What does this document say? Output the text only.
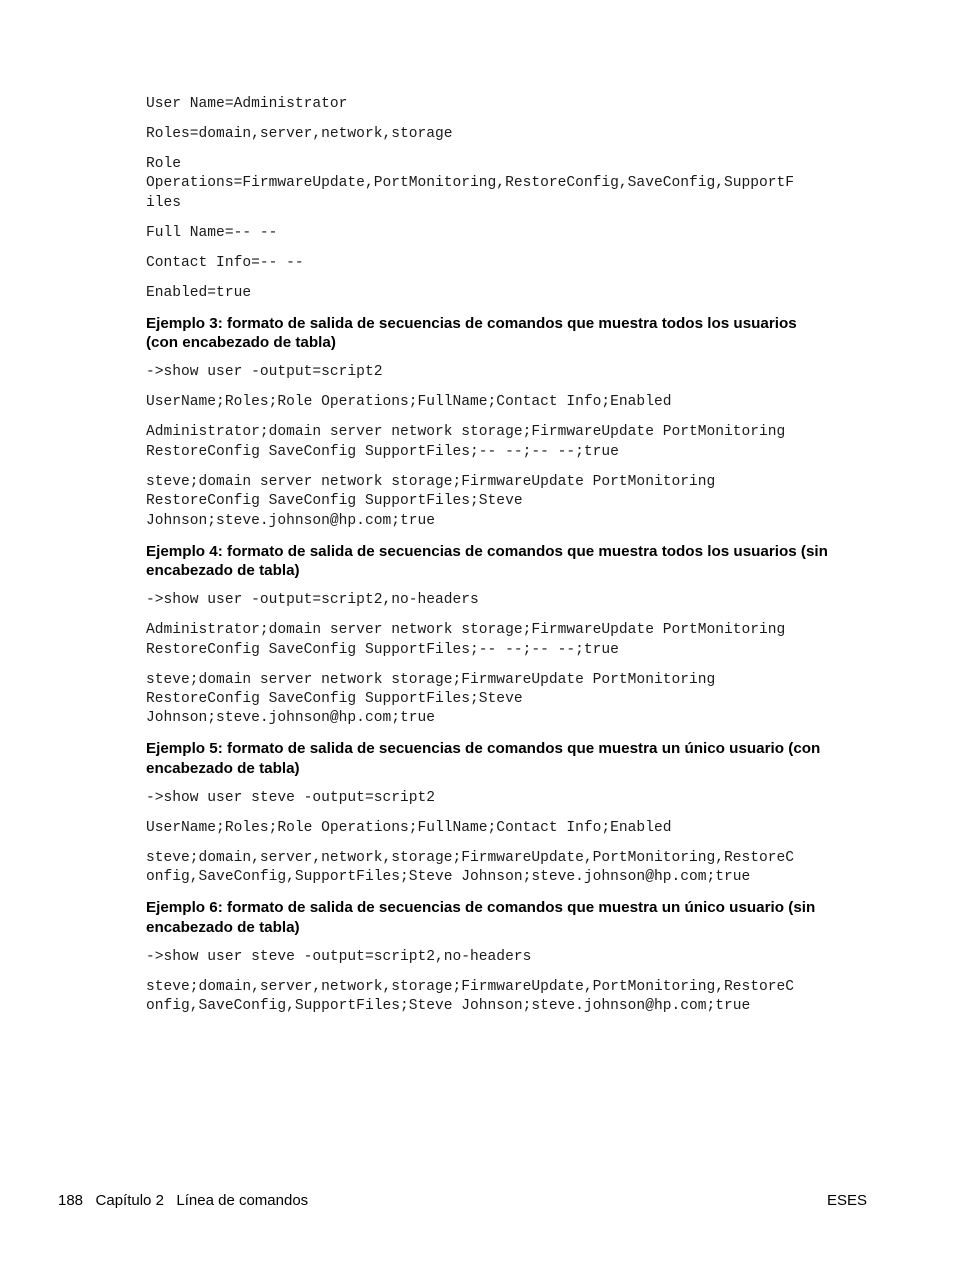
User Name=Administrator
Roles=domain,server,network,storage
Role
Operations=FirmwareUpdate,PortMonitoring,RestoreConfig,SaveConfig,SupportF
iles
Full Name=-- --
Contact Info=-- --
Enabled=true
Ejemplo 3: formato de salida de secuencias de comandos que muestra todos los usuarios
(con encabezado de tabla)
->show user -output=script2
UserName;Roles;Role Operations;FullName;Contact Info;Enabled
Administrator;domain server network storage;FirmwareUpdate PortMonitoring
RestoreConfig SaveConfig SupportFiles;-- --;-- --;true
steve;domain server network storage;FirmwareUpdate PortMonitoring
RestoreConfig SaveConfig SupportFiles;Steve
Johnson;steve.johnson@hp.com;true
Ejemplo 4: formato de salida de secuencias de comandos que muestra todos los usuarios (sin
encabezado de tabla)
->show user -output=script2,no-headers
Administrator;domain server network storage;FirmwareUpdate PortMonitoring
RestoreConfig SaveConfig SupportFiles;-- --;-- --;true
steve;domain server network storage;FirmwareUpdate PortMonitoring
RestoreConfig SaveConfig SupportFiles;Steve
Johnson;steve.johnson@hp.com;true
Ejemplo 5: formato de salida de secuencias de comandos que muestra un único usuario (con
encabezado de tabla)
->show user steve -output=script2
UserName;Roles;Role Operations;FullName;Contact Info;Enabled
steve;domain,server,network,storage;FirmwareUpdate,PortMonitoring,RestoreC
onfig,SaveConfig,SupportFiles;Steve Johnson;steve.johnson@hp.com;true
Ejemplo 6: formato de salida de secuencias de comandos que muestra un único usuario (sin
encabezado de tabla)
->show user steve -output=script2,no-headers
steve;domain,server,network,storage;FirmwareUpdate,PortMonitoring,RestoreC
onfig,SaveConfig,SupportFiles;Steve Johnson;steve.johnson@hp.com;true
188   Capítulo 2   Línea de comandos	ESES
